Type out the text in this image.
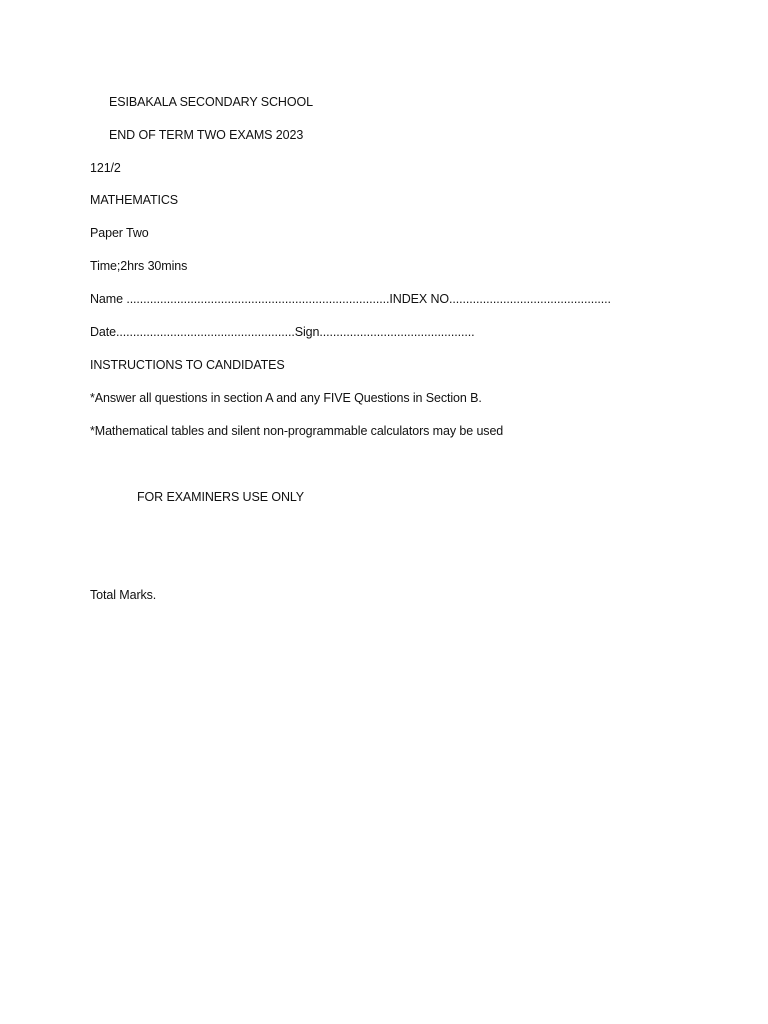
ESIBAKALA SECONDARY SCHOOL
END OF TERM TWO EXAMS 2023
121/2
MATHEMATICS
Paper Two
Time;2hrs 30mins
Name ..............................................................................INDEX NO................................................
Date.....................................................Sign..............................................
INSTRUCTIONS TO CANDIDATES
*Answer all questions in section A and any FIVE Questions in Section B.
*Mathematical tables and silent non-programmable calculators may be used
FOR EXAMINERS USE ONLY
Total Marks.
